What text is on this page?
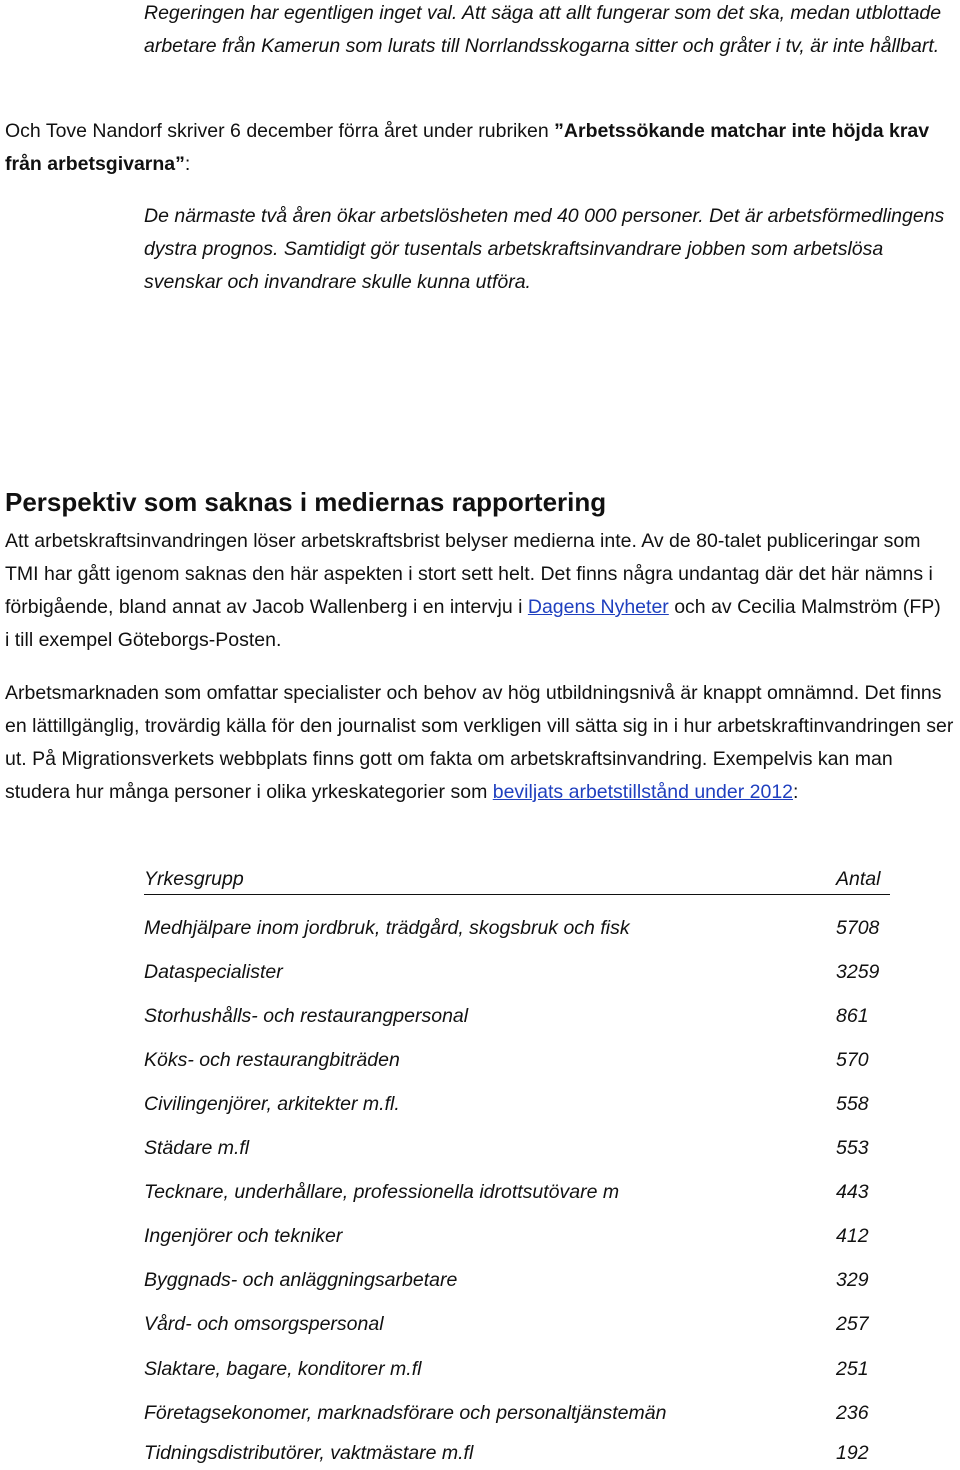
Regeringen har egentligen inget val. Att säga att allt fungerar som det ska, medan utblottade arbetare från Kamerun som lurats till Norrlandsskogarna sitter och gråter i tv, är inte hållbart.

Och Tove Nandorf skriver 6 december förra året under rubriken ”Arbetssökande matchar inte höjda krav från arbetsgivarna”:

De närmaste två åren ökar arbetslösheten med 40 000 personer. Det är arbetsförmedlingens dystra prognos. Samtidigt gör tusentals arbetskraftsinvandrare jobben som arbetslösa svenskar och invandrare skulle kunna utföra.

Perspektiv som saknas i mediernas rapportering

Att arbetskraftsinvandringen löser arbetskraftsbrist belyser medierna inte. Av de 80-talet publiceringar som TMI har gått igenom saknas den här aspekten i stort sett helt. Det finns några undantag där det här nämns i förbigående, bland annat av Jacob Wallenberg i en intervju i Dagens Nyheter och av Cecilia Malmström (FP) i till exempel Göteborgs-Posten.

Arbetsmarknaden som omfattar specialister och behov av hög utbildningsnivå är knappt omnämnd. Det finns en lättillgänglig, trovärdig källa för den journalist som verkligen vill sätta sig in i hur arbetskraftinvandringen ser ut. På Migrationsverkets webbplats finns gott om fakta om arbetskraftsinvandring. Exempelvis kan man studera hur många personer i olika yrkeskategorier som beviljats arbetstillstånd under 2012:

Yrkesgrupp	Antal
Medhjälpare inom jordbruk, trädgård, skogsbruk och fisk	5708
Dataspecialister	3259
Storhushålls- och restaurangpersonal	861
Köks- och restaurangbiträden	570
Civilingenjörer, arkitekter m.fl.	558
Städare m.fl	553
Tecknare, underhållare, professionella idrottsutövare m	443
Ingenjörer och tekniker	412
Byggnads- och anläggningsarbetare	329
Vård- och omsorgspersonal	257
Slaktare, bagare, konditorer m.fl	251
Företagsekonomer, marknadsförare och personaltjänstemän	236
Tidningsdistributörer, vaktmästare m.fl	192
